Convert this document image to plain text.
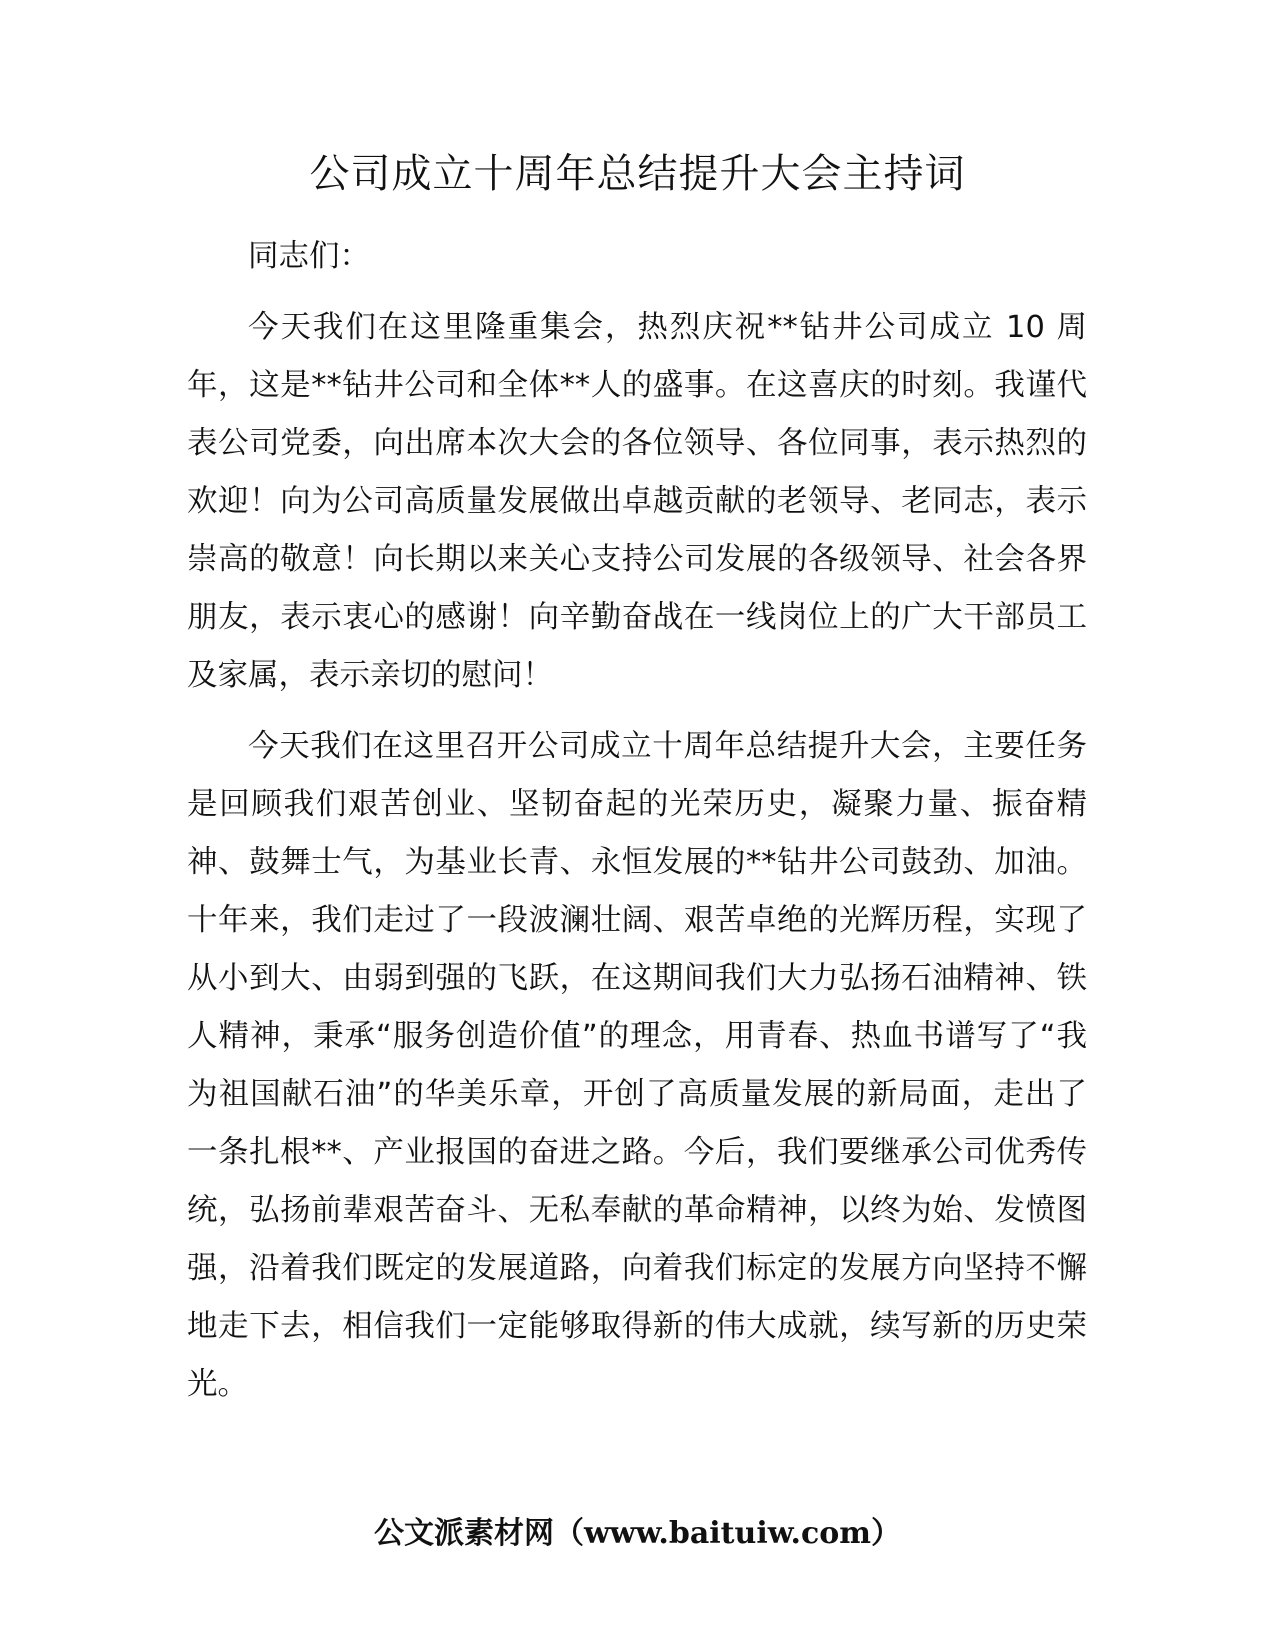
公司成立十周年总结提升大会主持词

同志们：

今天我们在这里隆重集会，热烈庆祝**钻井公司成立 10 周年，这是**钻井公司和全体**人的盛事。在这喜庆的时刻。我谨代表公司党委，向出席本次大会的各位领导、各位同事，表示热烈的欢迎！向为公司高质量发展做出卓越贡献的老领导、老同志，表示崇高的敬意！向长期以来关心支持公司发展的各级领导、社会各界朋友，表示衷心的感谢！向辛勤奋战在一线岗位上的广大干部员工及家属，表示亲切的慰问！

今天我们在这里召开公司成立十周年总结提升大会，主要任务是回顾我们艰苦创业、坚韧奋起的光荣历史，凝聚力量、振奋精神、鼓舞士气，为基业长青、永恒发展的**钻井公司鼓劲、加油。十年来，我们走过了一段波澜壮阔、艰苦卓绝的光辉历程，实现了从小到大、由弱到强的飞跃，在这期间我们大力弘扬石油精神、铁人精神，秉承“服务创造价值”的理念，用青春、热血书谱写了“我为祖国献石油”的华美乐章，开创了高质量发展的新局面，走出了一条扎根**、产业报国的奋进之路。今后，我们要继承公司优秀传统，弘扬前辈艰苦奋斗、无私奉献的革命精神，以终为始、发愤图强，沿着我们既定的发展道路，向着我们标定的发展方向坚持不懈地走下去，相信我们一定能够取得新的伟大成就，续写新的历史荣光。

公文派素材网（www.baituiw.com）
